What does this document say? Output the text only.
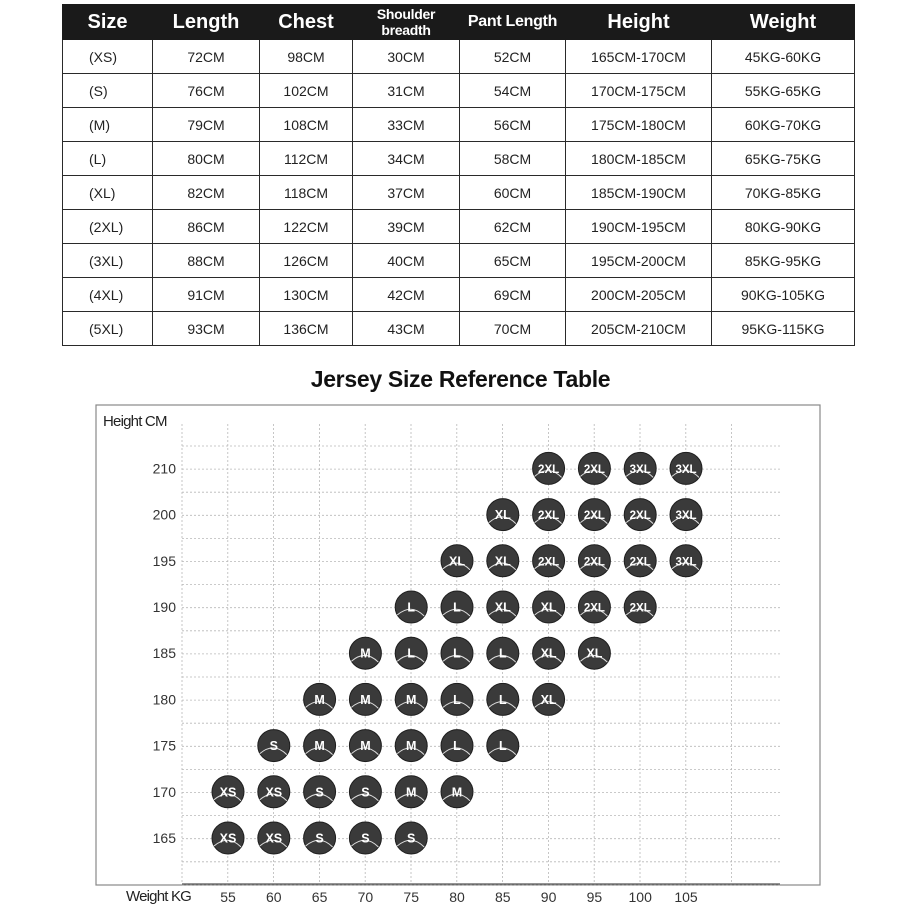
Size	Length	Chest	Shoulder breadth	Pant Length	Height	Weight
(XS)	72CM	98CM	30CM	52CM	165CM-170CM	45KG-60KG
(S)	76CM	102CM	31CM	54CM	170CM-175CM	55KG-65KG
(M)	79CM	108CM	33CM	56CM	175CM-180CM	60KG-70KG
(L)	80CM	112CM	34CM	58CM	180CM-185CM	65KG-75KG
(XL)	82CM	118CM	37CM	60CM	185CM-190CM	70KG-85KG
(2XL)	86CM	122CM	39CM	62CM	190CM-195CM	80KG-90KG
(3XL)	88CM	126CM	40CM	65CM	195CM-200CM	85KG-95KG
(4XL)	91CM	130CM	42CM	69CM	200CM-205CM	90KG-105KG
(5XL)	93CM	136CM	43CM	70CM	205CM-210CM	95KG-115KG
Jersey Size Reference Table
Height CM
Weight KG
165
170
175
180
185
190
195
200
210
55 60 65 70 75 80 85 90 95 100 105
XS XS	S	S	S
XS XS	S	S	M	M
S	M	M	M	L	L
M	M	M	L	L	XL
M	L	L	L	XL XL
L	L	XL XL 2XL 2XL
XL XL 2XL 2XL 2XL 3XL
XL 2XL 2XL 2XL 3XL
2XL 2XL 3XL 3XL
